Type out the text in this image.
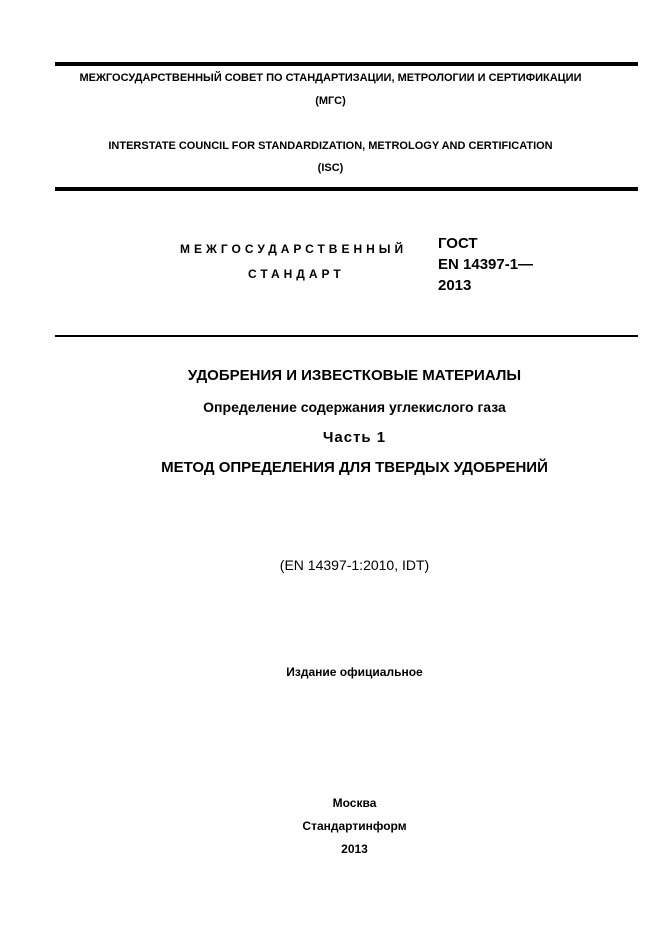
МЕЖГОСУДАРСТВЕННЫЙ СОВЕТ ПО СТАНДАРТИЗАЦИИ, МЕТРОЛОГИИ И СЕРТИФИКАЦИИ
(МГС)
INTERSTATE COUNCIL FOR STANDARDIZATION, METROLOGY AND CERTIFICATION
(ISC)
МЕЖГОСУДАРСТВЕННЫЙ
СТАНДАРТ
ГОСТ
EN 14397-1—
2013
УДОБРЕНИЯ И ИЗВЕСТКОВЫЕ МАТЕРИАЛЫ
Определение содержания углекислого газа
Часть 1
МЕТОД ОПРЕДЕЛЕНИЯ ДЛЯ ТВЕРДЫХ УДОБРЕНИЙ
(EN 14397-1:2010, IDT)
Издание официальное
Москва
Стандартинформ
2013
